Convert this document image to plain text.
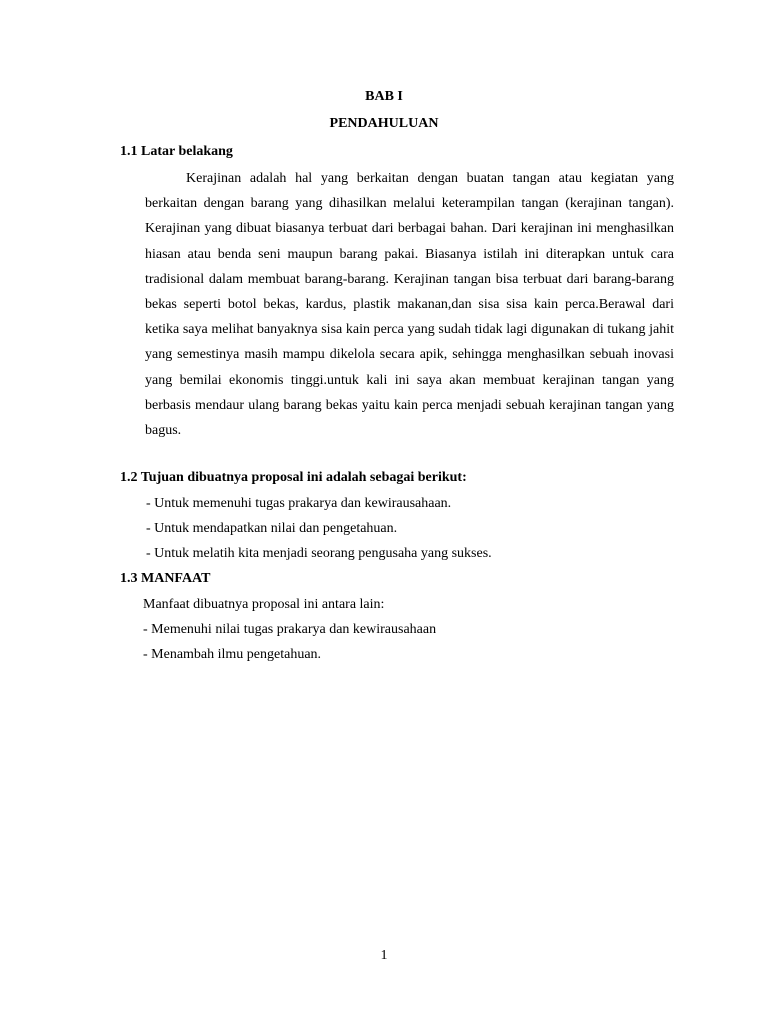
BAB I
PENDAHULUAN
1.1 Latar belakang

Kerajinan adalah hal yang berkaitan dengan buatan tangan atau kegiatan yang berkaitan dengan barang yang dihasilkan melalui keterampilan tangan (kerajinan tangan). Kerajinan yang dibuat biasanya terbuat dari berbagai bahan. Dari kerajinan ini menghasilkan hiasan atau benda seni maupun barang pakai. Biasanya istilah ini diterapkan untuk cara tradisional dalam membuat barang-barang. Kerajinan tangan bisa terbuat dari barang-barang bekas seperti botol bekas, kardus, plastik makanan,dan sisa sisa kain perca.Berawal dari ketika saya melihat banyaknya sisa kain perca yang sudah tidak lagi digunakan di tukang jahit yang semestinya masih mampu dikelola secara apik, sehingga menghasilkan sebuah inovasi yang bemilai ekonomis tinggi.untuk kali ini saya akan membuat kerajinan tangan yang berbasis mendaur ulang barang bekas yaitu kain perca menjadi sebuah kerajinan tangan yang bagus.

1.2 Tujuan dibuatnya proposal ini adalah sebagai berikut:
- Untuk memenuhi tugas prakarya dan kewirausahaan.
- Untuk mendapatkan nilai dan pengetahuan.
- Untuk melatih kita menjadi seorang pengusaha yang sukses.
1.3 MANFAAT
Manfaat dibuatnya proposal ini antara lain:
- Memenuhi nilai tugas prakarya dan kewirausahaan
- Menambah ilmu pengetahuan.
1
